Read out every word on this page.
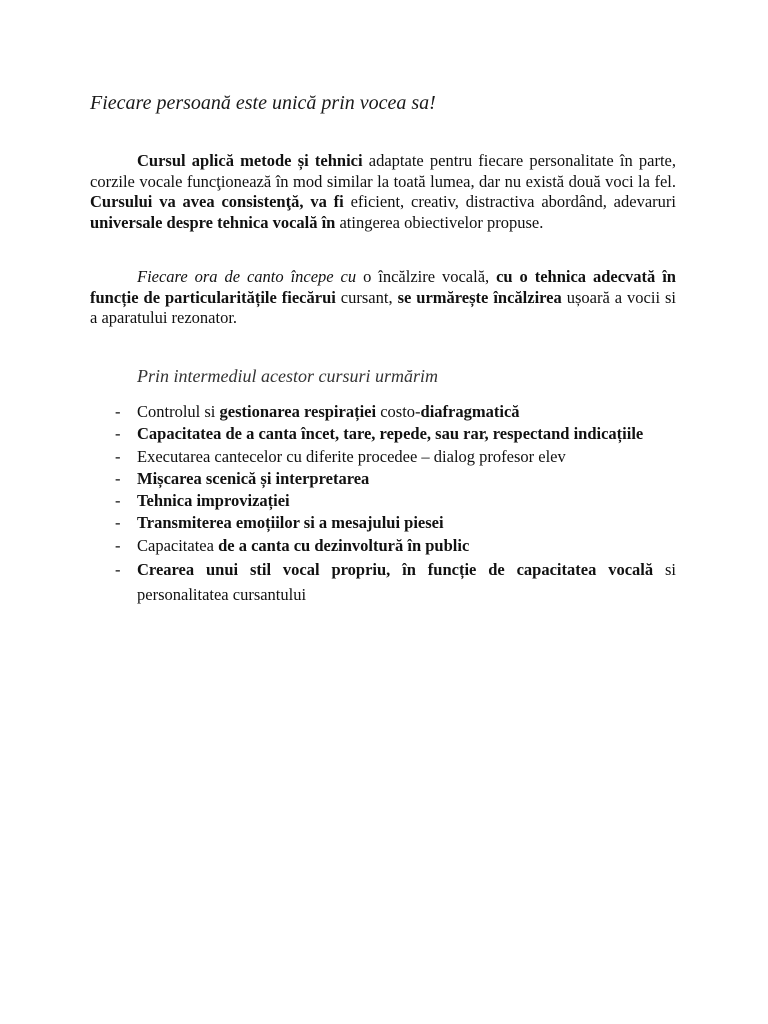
Fiecare persoană este unică prin vocea sa!

Cursul aplică metode și tehnici adaptate pentru fiecare personalitate în parte, corzile vocale funcţionează în mod similar la toată lumea, dar nu există două voci la fel. Cursului va avea consistenţă, va fi eficient, creativ, distractiva abordând, adevaruri universale despre tehnica vocală în atingerea obiectivelor propuse.

Fiecare ora de canto începe cu o încălzire vocală, cu o tehnica adecvată în funcție de particularitățile fiecărui cursant, se urmărește încălzirea ușoară a vocii si a aparatului rezonator.

Prin intermediul acestor cursuri urmărim

- Controlul si gestionarea respirației costo-diafragmatică
- Capacitatea de a canta încet, tare, repede, sau rar, respectand indicațiile
- Executarea cantecelor cu diferite procedee – dialog profesor elev
- Mișcarea scenică și interpretarea
- Tehnica improvizației
- Transmiterea emoțiilor si a mesajului piesei
- Capacitatea de a canta cu dezinvoltură în public
- Crearea unui stil vocal propriu, în funcție de capacitatea vocală si personalitatea cursantului
